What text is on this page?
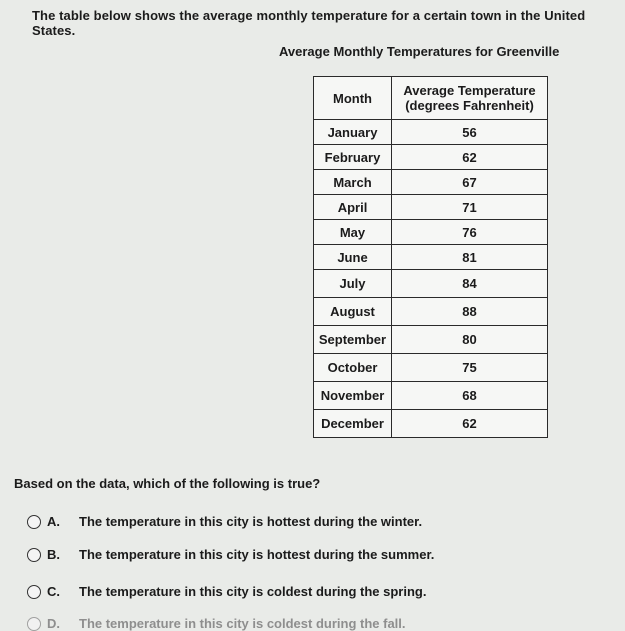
The table below shows the average monthly temperature for a certain town in the United States.
Average Monthly Temperatures for Greenville
Month	Average Temperature
(degrees Fahrenheit)
January	56
February	62
March	67
April	71
May	76
June	81
July	84
August	88
September	80
October	75
November	68
December	62
Based on the data, which of the following is true?
A.	The temperature in this city is hottest during the winter.
B.	The temperature in this city is hottest during the summer.
C.	The temperature in this city is coldest during the spring.
D.	The temperature in this city is coldest during the fall.
